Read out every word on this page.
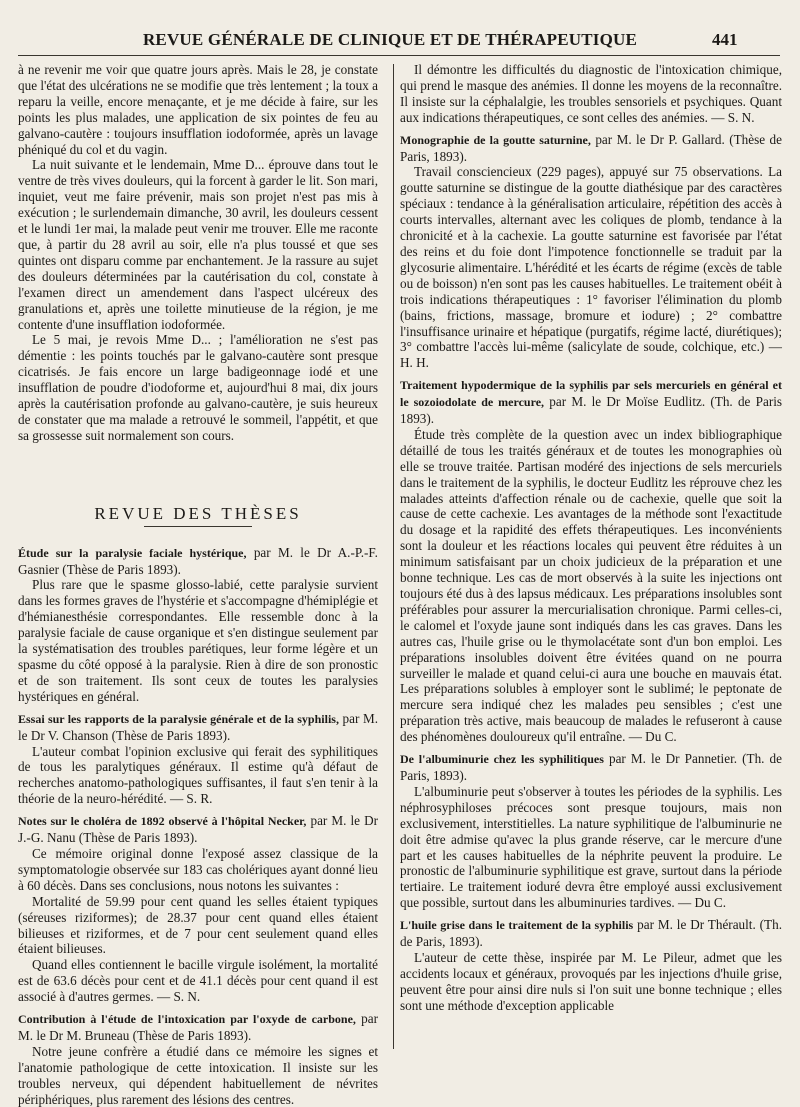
REVUE GÉNÉRALE DE CLINIQUE ET DE THÉRAPEUTIQUE	441

à ne revenir me voir que quatre jours après. Mais le 28, je constate que l'état des ulcérations ne se modifie que très lentement ; la toux a reparu la veille, encore menaçante, et je me décide à faire, sur les points les plus malades, une application de six pointes de feu au galvano-cautère : toujours insufflation iodoformée, après un lavage phéniqué du col et du vagin.

La nuit suivante et le lendemain, Mme D... éprouve dans tout le ventre de très vives douleurs, qui la forcent à garder le lit. Son mari, inquiet, veut me faire prévenir, mais son projet n'est pas mis à exécution ; le surlendemain dimanche, 30 avril, les douleurs cessent et le lundi 1er mai, la malade peut venir me trouver. Elle me raconte que, à partir du 28 avril au soir, elle n'a plus toussé et que ses quintes ont disparu comme par enchantement. Je la rassure au sujet des douleurs déterminées par la cautérisation du col, constate à l'examen direct un amendement dans l'aspect ulcéreux des granulations et, après une toilette minutieuse de la région, je me contente d'une insufflation iodoformée.

Le 5 mai, je revois Mme D... ; l'amélioration ne s'est pas démentie : les points touchés par le galvano-cautère sont presque cicatrisés. Je fais encore un large badigeonnage iodé et une insufflation de poudre d'iodoforme et, aujourd'hui 8 mai, dix jours après la cautérisation profonde au galvano-cautère, je suis heureux de constater que ma malade a retrouvé le sommeil, l'appétit, et que sa grossesse suit normalement son cours.

REVUE DES THÈSES

Étude sur la paralysie faciale hystérique, par M. le Dr A.-P.-F. Gasnier (Thèse de Paris 1893).

Plus rare que le spasme glosso-labié, cette paralysie survient dans les formes graves de l'hystérie et s'accompagne d'hémiplégie et d'hémianesthésie correspondantes. Elle ressemble donc à la paralysie faciale de cause organique et s'en distingue seulement par la systématisation des troubles parétiques, leur forme légère et un spasme du côté opposé à la paralysie. Rien à dire de son pronostic et de son traitement. Ils sont ceux de toutes les paralysies hystériques en général.

Essai sur les rapports de la paralysie générale et de la syphilis, par M. le Dr V. Chanson (Thèse de Paris 1893).

L'auteur combat l'opinion exclusive qui ferait des syphilitiques de tous les paralytiques généraux. Il estime qu'à défaut de recherches anatomo-pathologiques suffisantes, il faut s'en tenir à la théorie de la neuro-hérédité. — S. R.

Notes sur le choléra de 1892 observé à l'hôpital Necker, par M. le Dr J.-G. Nanu (Thèse de Paris 1893).

Ce mémoire original donne l'exposé assez classique de la symptomatologie observée sur 183 cas cholériques ayant donné lieu à 60 décès. Dans ses conclusions, nous notons les suivantes :

Mortalité de 59.99 pour cent quand les selles étaient typiques (séreuses riziformes); de 28.37 pour cent quand elles étaient bilieuses et riziformes, et de 7 pour cent seulement quand elles étaient bilieuses.

Quand elles contiennent le bacille virgule isolément, la mortalité est de 63.6 décès pour cent et de 41.1 décès pour cent quand il est associé à d'autres germes. — S. N.

Contribution à l'étude de l'intoxication par l'oxyde de carbone, par M. le Dr M. Bruneau (Thèse de Paris 1893).

Notre jeune confrère a étudié dans ce mémoire les signes et l'anatomie pathologique de cette intoxication. Il insiste sur les troubles nerveux, qui dépendent habituellement de névrites périphériques, plus rarement des lésions des centres.

Il démontre les difficultés du diagnostic de l'intoxication chimique, qui prend le masque des anémies. Il donne les moyens de la reconnaître. Il insiste sur la céphalalgie, les troubles sensoriels et psychiques. Quant aux indications thérapeutiques, ce sont celles des anémies. — S. N.

Monographie de la goutte saturnine, par M. le Dr P. Gallard. (Thèse de Paris, 1893).

Travail consciencieux (229 pages), appuyé sur 75 observations. La goutte saturnine se distingue de la goutte diathésique par des caractères spéciaux : tendance à la généralisation articulaire, répétition des accès à courts intervalles, alternant avec les coliques de plomb, tendance à la chronicité et à la cachexie. La goutte saturnine est favorisée par l'état des reins et du foie dont l'impotence fonctionnelle se traduit par la glycosurie alimentaire. L'hérédité et les écarts de régime (excès de table ou de boisson) n'en sont pas les causes habituelles. Le traitement obéit à trois indications thérapeutiques : 1° favoriser l'élimination du plomb (bains, frictions, massage, bromure et iodure) ; 2° combattre l'insuffisance urinaire et hépatique (purgatifs, régime lacté, diurétiques); 3° combattre l'accès lui-même (salicylate de soude, colchique, etc.) — H. H.

Traitement hypodermique de la syphilis par sels mercuriels en général et le sozoiodolate de mercure, par M. le Dr Moïse Eudlitz. (Th. de Paris 1893).

Étude très complète de la question avec un index bibliographique détaillé de tous les traités généraux et de toutes les monographies où elle se trouve traitée. Partisan modéré des injections de sels mercuriels dans le traitement de la syphilis, le docteur Eudlitz les réprouve chez les malades atteints d'affection rénale ou de cachexie, quelle que soit la cause de cette cachexie. Les avantages de la méthode sont l'exactitude du dosage et la rapidité des effets thérapeutiques. Les inconvénients sont la douleur et les réactions locales qui peuvent être réduites à un minimum satisfaisant par un choix judicieux de la préparation et une bonne technique. Les cas de mort observés à la suite les injections ont toujours été dus à des lapsus médicaux. Les préparations insolubles sont préférables pour assurer la mercurialisation chronique. Parmi celles-ci, le calomel et l'oxyde jaune sont indiqués dans les cas graves. Dans les autres cas, l'huile grise ou le thymolacétate sont d'un bon emploi. Les préparations insolubles doivent être évitées quand on ne pourra surveiller le malade et quand celui-ci aura une bouche en mauvais état. Les préparations solubles à employer sont le sublimé; le peptonate de mercure sera indiqué chez les malades peu sensibles ; c'est une préparation très active, mais beaucoup de malades le refuseront à cause des phénomènes douloureux qu'il entraîne. — Du C.

De l'albuminurie chez les syphilitiques par M. le Dr Pannetier. (Th. de Paris, 1893).

L'albuminurie peut s'observer à toutes les périodes de la syphilis. Les néphrosyphiloses précoces sont presque toujours, mais non exclusivement, interstitielles. La nature syphilitique de l'albuminurie ne doit être admise qu'avec la plus grande réserve, car le mercure d'une part et les causes habituelles de la néphrite peuvent la produire. Le pronostic de l'albuminurie syphilitique est grave, surtout dans la période tertiaire. Le traitement ioduré devra être employé aussi exclusivement que possible, surtout dans les albuminuries tardives. — Du C.

L'huile grise dans le traitement de la syphilis par M. le Dr Thérault. (Th. de Paris, 1893).

L'auteur de cette thèse, inspirée par M. Le Pileur, admet que les accidents locaux et généraux, provoqués par les injections d'huile grise, peuvent être pour ainsi dire nuls si l'on suit une bonne technique ; elles sont une méthode d'exception applicable
